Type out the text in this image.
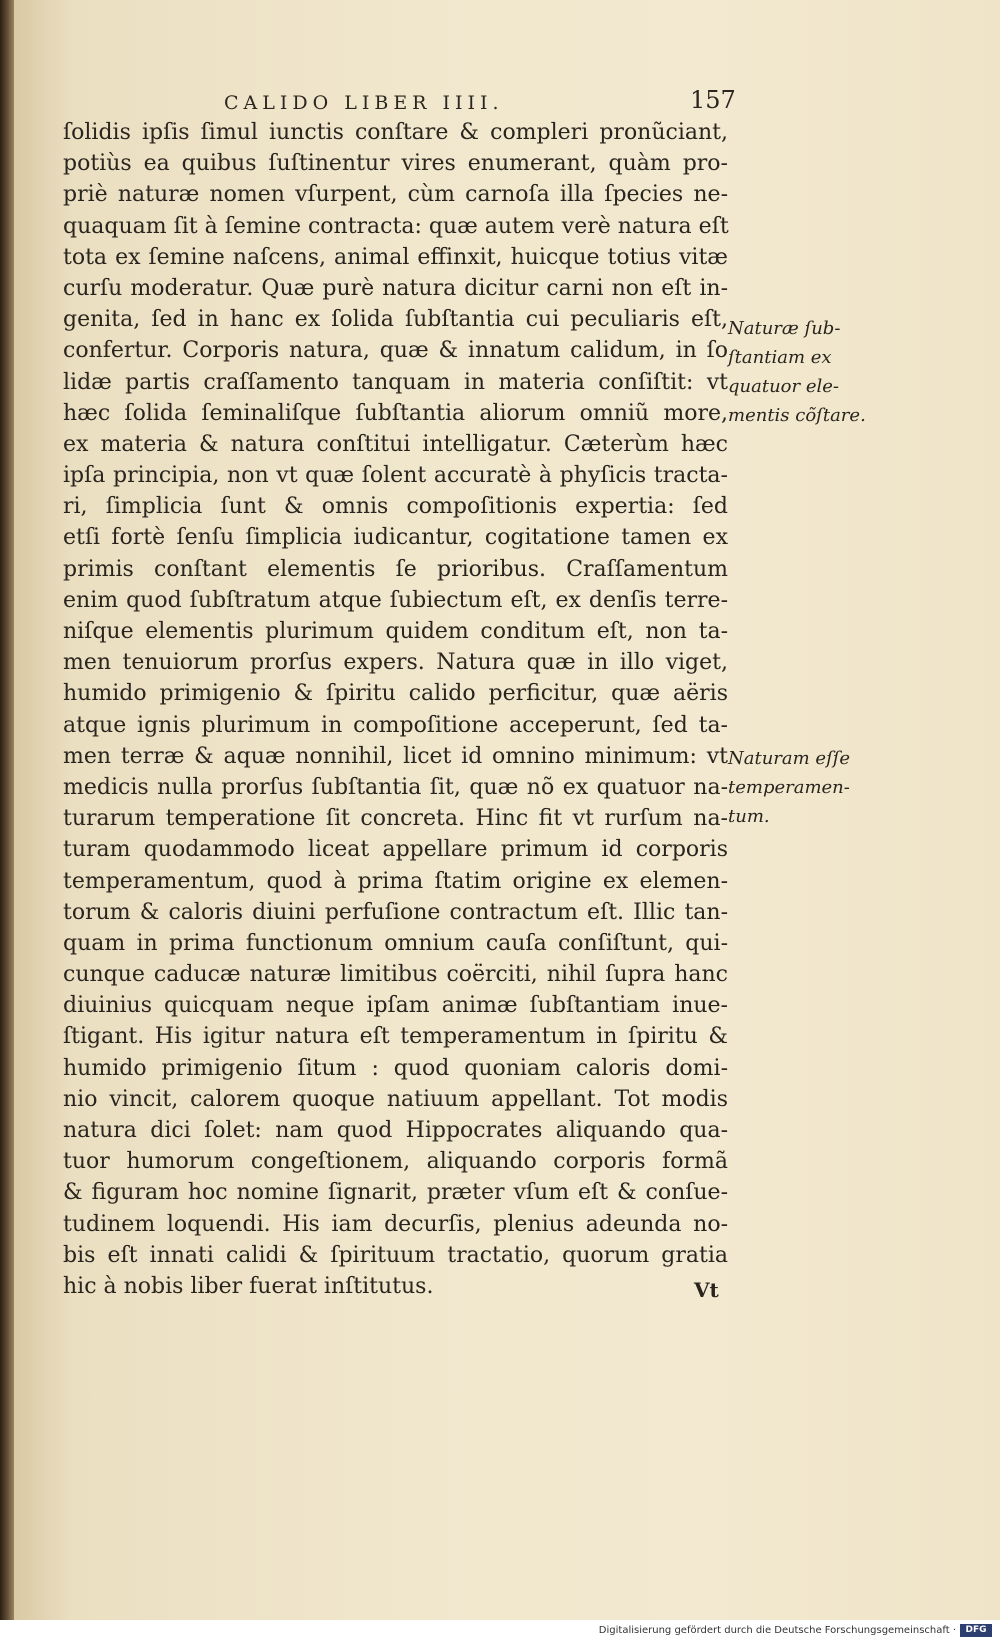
CALIDO LIBER IIII.	157
ſolidis ipſis ſimul iunctis conſtare & compleri pronũciant,
potiùs ea quibus ſuſtinentur vires enumerant, quàm pro-
priè naturæ nomen vſurpent, cùm carnoſa illa ſpecies ne-
quaquam ſit à ſemine contracta: quæ autem verè natura eſt
tota ex ſemine naſcens, animal effinxit, huicque totius vitæ
curſu moderatur. Quæ purè natura dicitur carni non eſt in-
genita, ſed in hanc ex ſolida ſubſtantia cui peculiaris eſt,
confertur. Corporis natura, quæ & innatum calidum, in ſo
lidæ partis craſſamento tanquam in materia conſiſtit: vt
hæc ſolida ſeminaliſque ſubſtantia aliorum omniũ more,
ex materia & natura conſtitui intelligatur. Cæterùm hæc
ipſa principia, non vt quæ ſolent accuratè à phyſicis tracta-
ri, ſimplicia ſunt & omnis compoſitionis expertia: ſed
etſi fortè ſenſu ſimplicia iudicantur, cogitatione tamen ex
primis conſtant elementis ſe prioribus. Craſſamentum
enim quod ſubſtratum atque ſubiectum eſt, ex denſis terre-
niſque elementis plurimum quidem conditum eſt, non ta-
men tenuiorum prorſus expers. Natura quæ in illo viget,
humido primigenio & ſpiritu calido perficitur, quæ aëris
atque ignis plurimum in compoſitione acceperunt, ſed ta-
men terræ & aquæ nonnihil, licet id omnino minimum: vt
medicis nulla prorſus ſubſtantia ſit, quæ nõ ex quatuor na-
turarum temperatione ſit concreta. Hinc fit vt rurſum na-
turam quodammodo liceat appellare primum id corporis
temperamentum, quod à prima ſtatim origine ex elemen-
torum & caloris diuini perfuſione contractum eſt. Illic tan-
quam in prima functionum omnium cauſa conſiſtunt, qui-
cunque caducæ naturæ limitibus coërciti, nihil ſupra hanc
diuinius quicquam neque ipſam animæ ſubſtantiam inue-
ſtigant. His igitur natura eſt temperamentum in ſpiritu &
humido primigenio ſitum : quod quoniam caloris domi-
nio vincit, calorem quoque natiuum appellant. Tot modis
natura dici ſolet: nam quod Hippocrates aliquando qua-
tuor humorum congeſtionem, aliquando corporis formã
& figuram hoc nomine ſignarit, præter vſum eſt & conſue-
tudinem loquendi. His iam decurſis, plenius adeunda no-
bis eſt innati calidi & ſpirituum tractatio, quorum gratia
hic à nobis liber fuerat inſtitutus.
Naturæ ſub-
ſtantiam ex
quatuor ele-
mentis cõſtare.
Naturam eſſe
temperamen-
tum.
Vt
Digitalisierung gefördert durch die Deutsche Forschungsgemeinschaft ·	DFG
